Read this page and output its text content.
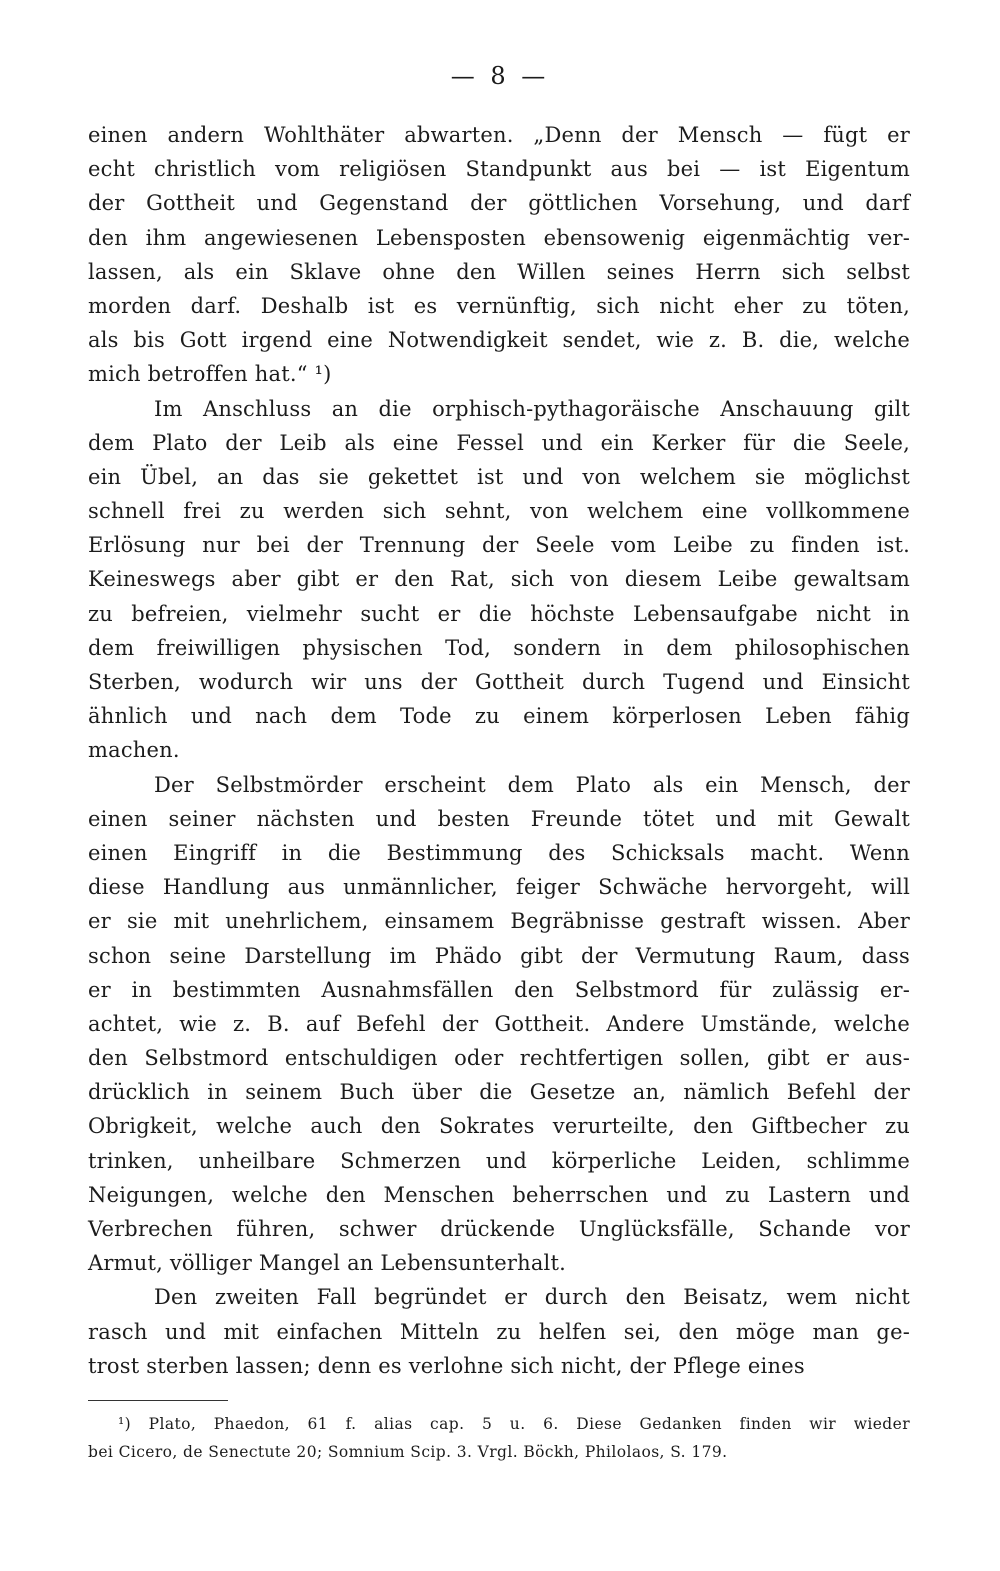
— 8 —
einen andern Wohlthäter abwarten. „Denn der Mensch — fügt er
echt christlich vom religiösen Standpunkt aus bei — ist Eigentum
der Gottheit und Gegenstand der göttlichen Vorsehung, und darf
den ihm angewiesenen Lebensposten ebensowenig eigenmächtig ver-
lassen, als ein Sklave ohne den Willen seines Herrn sich selbst
morden darf. Deshalb ist es vernünftig, sich nicht eher zu töten,
als bis Gott irgend eine Notwendigkeit sendet, wie z. B. die, welche
mich betroffen hat.“ ¹)
Im Anschluss an die orphisch-pythagoräische Anschauung gilt
dem Plato der Leib als eine Fessel und ein Kerker für die Seele,
ein Übel, an das sie gekettet ist und von welchem sie möglichst
schnell frei zu werden sich sehnt, von welchem eine vollkommene
Erlösung nur bei der Trennung der Seele vom Leibe zu finden ist.
Keineswegs aber gibt er den Rat, sich von diesem Leibe gewaltsam
zu befreien, vielmehr sucht er die höchste Lebensaufgabe nicht in
dem freiwilligen physischen Tod, sondern in dem philosophischen
Sterben, wodurch wir uns der Gottheit durch Tugend und Einsicht
ähnlich und nach dem Tode zu einem körperlosen Leben fähig
machen.
Der Selbstmörder erscheint dem Plato als ein Mensch, der
einen seiner nächsten und besten Freunde tötet und mit Gewalt
einen Eingriff in die Bestimmung des Schicksals macht. Wenn
diese Handlung aus unmännlicher, feiger Schwäche hervorgeht, will
er sie mit unehrlichem, einsamem Begräbnisse gestraft wissen. Aber
schon seine Darstellung im Phädo gibt der Vermutung Raum, dass
er in bestimmten Ausnahmsfällen den Selbstmord für zulässig er-
achtet, wie z. B. auf Befehl der Gottheit. Andere Umstände, welche
den Selbstmord entschuldigen oder rechtfertigen sollen, gibt er aus-
drücklich in seinem Buch über die Gesetze an, nämlich Befehl der
Obrigkeit, welche auch den Sokrates verurteilte, den Giftbecher zu
trinken, unheilbare Schmerzen und körperliche Leiden, schlimme
Neigungen, welche den Menschen beherrschen und zu Lastern und
Verbrechen führen, schwer drückende Unglücksfälle, Schande vor
Armut, völliger Mangel an Lebensunterhalt.
Den zweiten Fall begründet er durch den Beisatz, wem nicht
rasch und mit einfachen Mitteln zu helfen sei, den möge man ge-
trost sterben lassen; denn es verlohne sich nicht, der Pflege eines
¹) Plato, Phaedon, 61 f. alias cap. 5 u. 6. Diese Gedanken finden wir wieder
bei Cicero, de Senectute 20; Somnium Scip. 3. Vrgl. Böckh, Philolaos, S. 179.
